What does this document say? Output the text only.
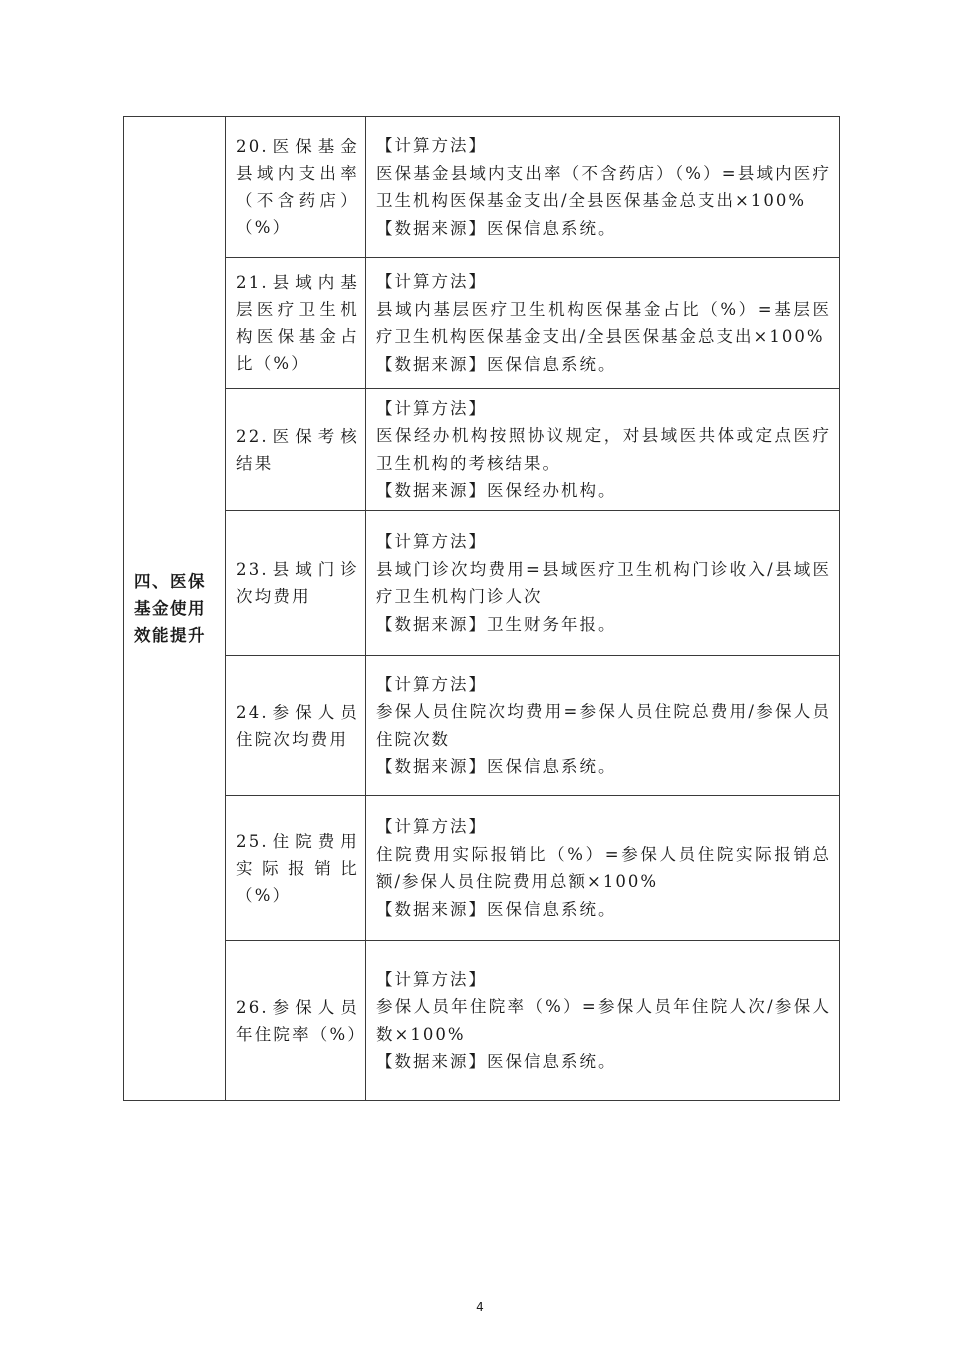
四、医保基金使用效能提升	20.医保基金县域内支出率（不含药店）（%）	【计算方法】
医保基金县域内支出率（不含药店）（%）=县域内医疗卫生机构医保基金支出/全县医保基金总支出×100%
【数据来源】医保信息系统。

	21.县域内基层医疗卫生机构医保基金占比（%）	【计算方法】
县域内基层医疗卫生机构医保基金占比（%）=基层医疗卫生机构医保基金支出/全县医保基金总支出×100%
【数据来源】医保信息系统。

	22.医保考核结果	【计算方法】
医保经办机构按照协议规定，对县域医共体或定点医疗卫生机构的考核结果。
【数据来源】医保经办机构。

	23.县域门诊次均费用	【计算方法】
县域门诊次均费用=县域医疗卫生机构门诊收入/县域医疗卫生机构门诊人次
【数据来源】卫生财务年报。

	24.参保人员住院次均费用	【计算方法】
参保人员住院次均费用=参保人员住院总费用/参保人员住院次数
【数据来源】医保信息系统。

	25.住院费用实际报销比（%）	【计算方法】
住院费用实际报销比（%）=参保人员住院实际报销总额/参保人员住院费用总额×100%
【数据来源】医保信息系统。

	26.参保人员年住院率（%）	【计算方法】
参保人员年住院率（%）=参保人员年住院人次/参保人数×100%
【数据来源】医保信息系统。
4
